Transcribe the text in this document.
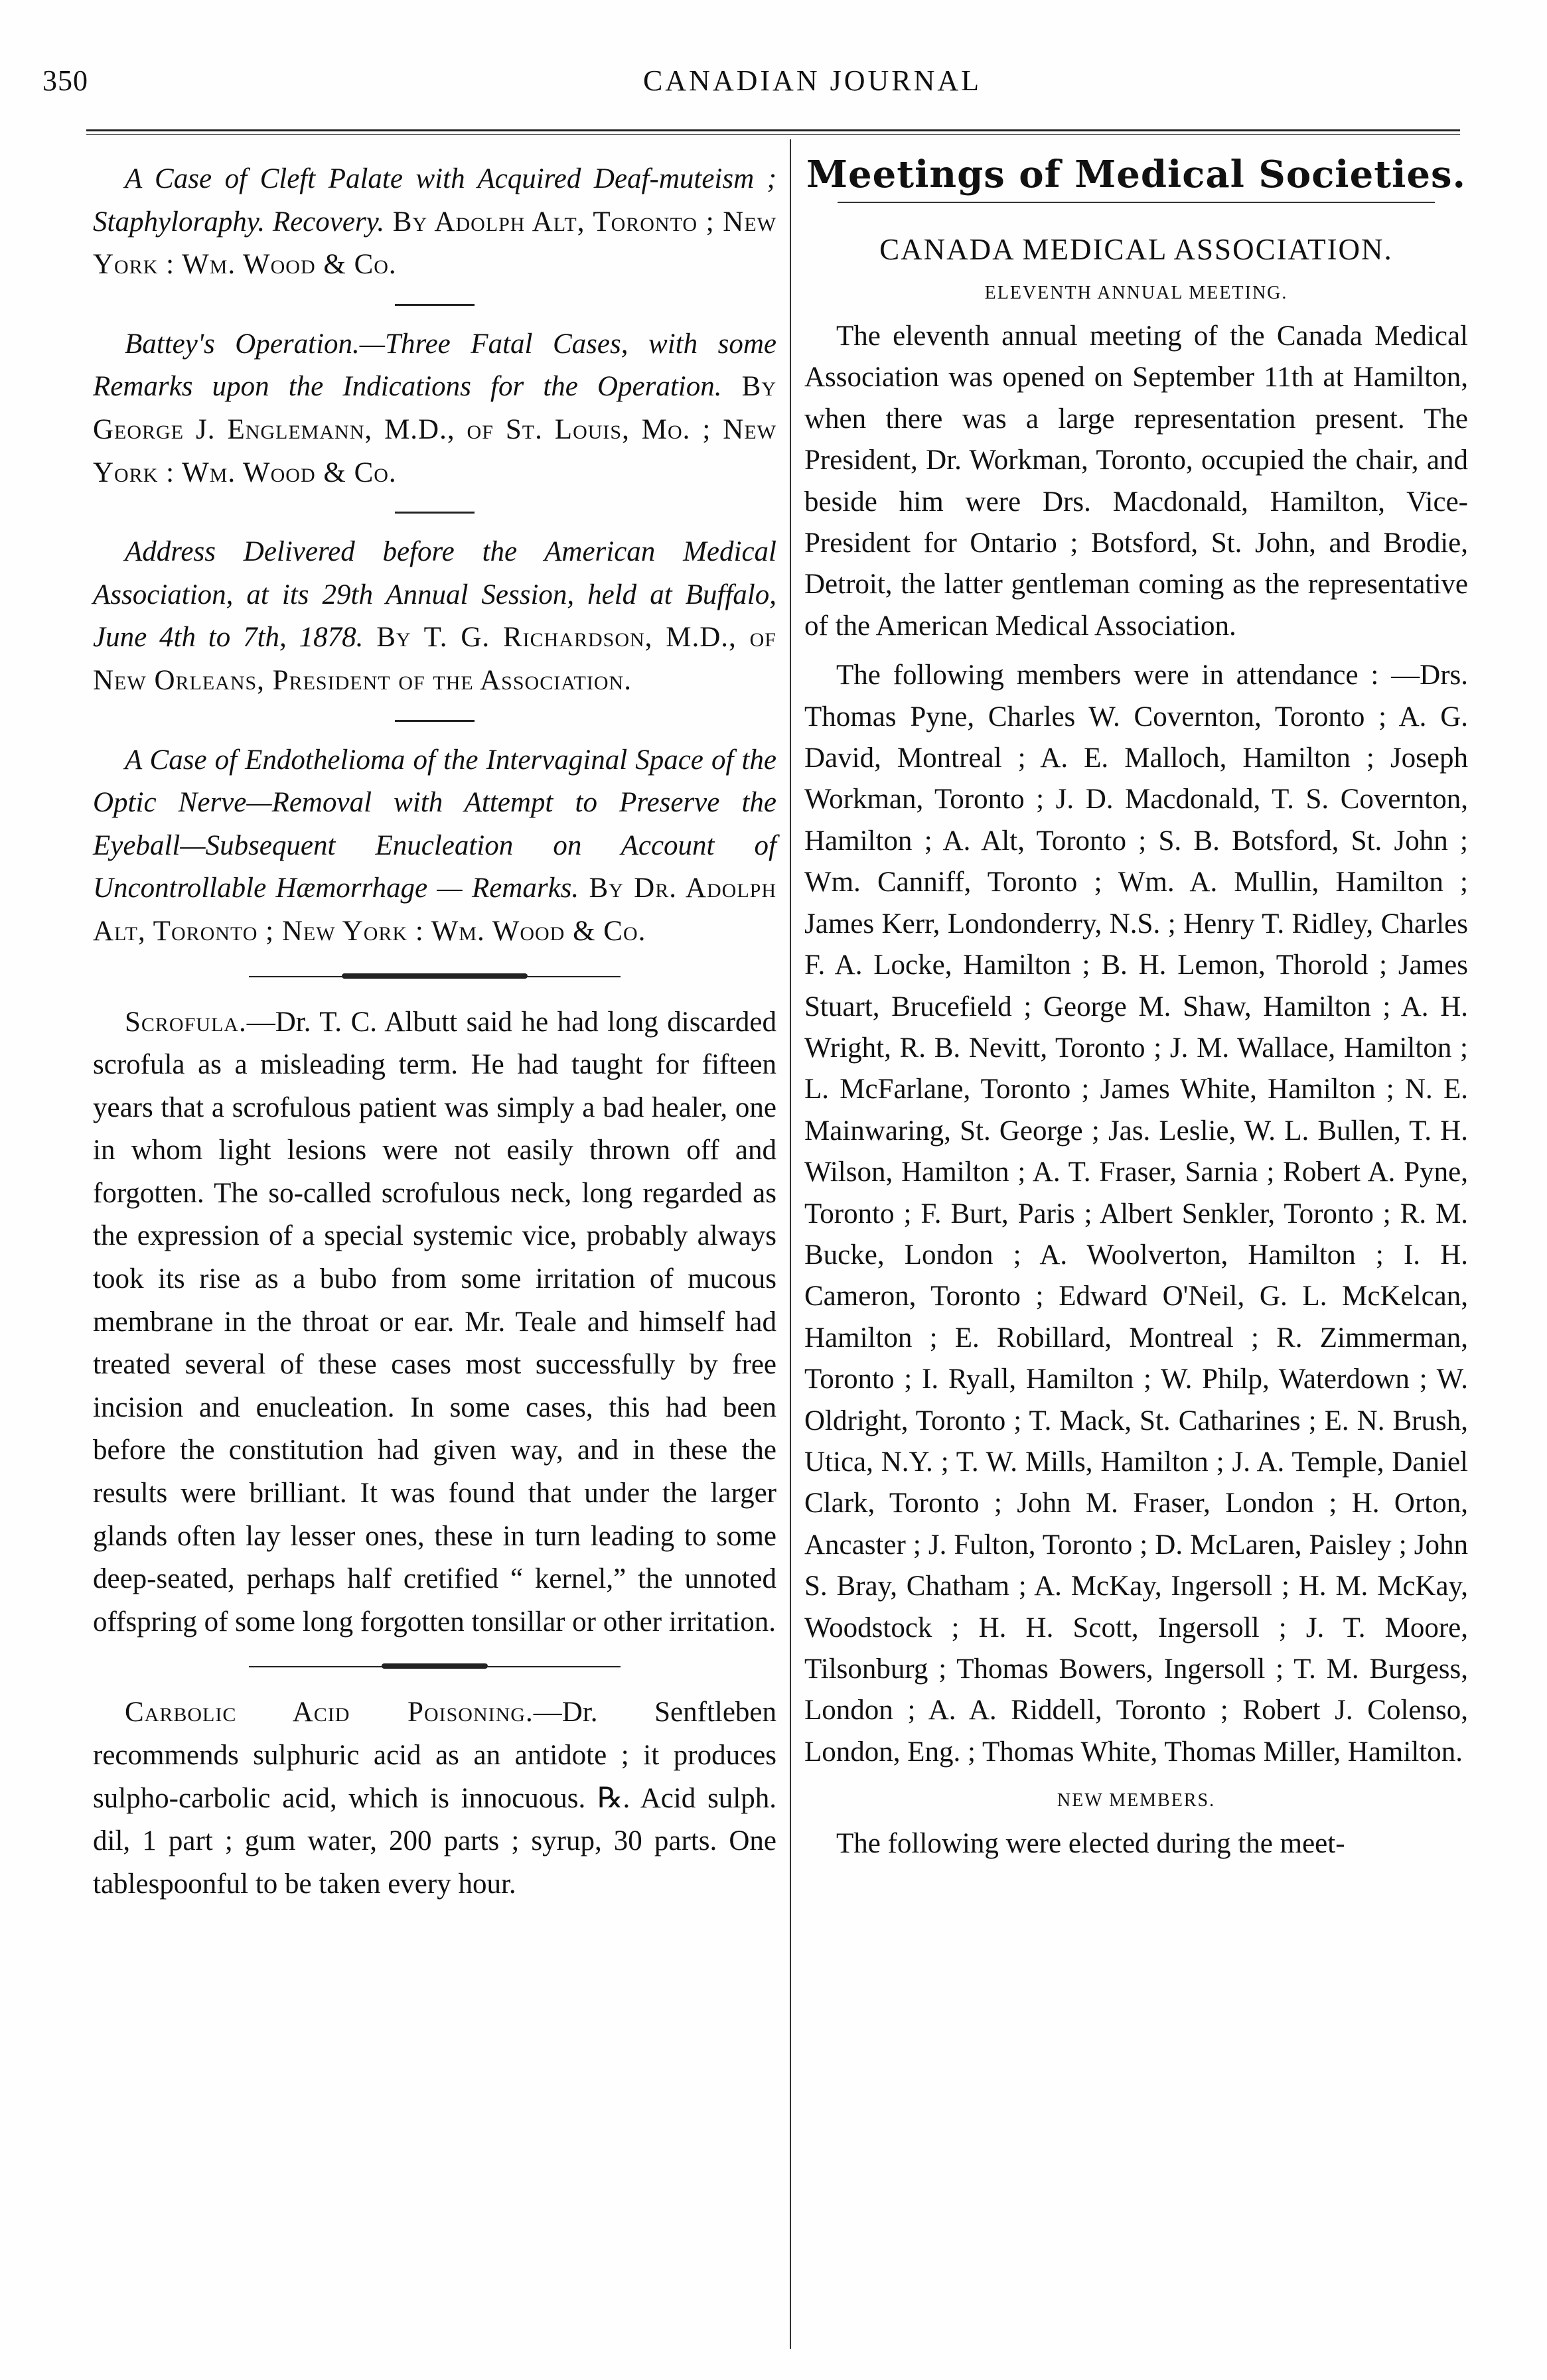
350	CANADIAN JOURNAL

A Case of Cleft Palate with Acquired Deaf-mutei​sm ; Staphyloraphy. Recovery. By Adolph Alt, Toronto ; New York : Wm. Wood & Co.

Battey's Operation.—Three Fatal Cases, with some Remarks upon the Indications for the Operation. By George J. Englemann, M.D., of St. Louis, Mo. ; New York : Wm. Wood & Co.

Address Delivered before the American Medical Association, at its 29th Annual Session, held at Buffalo, June 4th to 7th, 1878. By T. G. Richardson, M.D., of New Orleans, President of the Association.

A Case of Endothelioma of the Intervaginal Space of the Optic Nerve—Removal with Attempt to Preserve the Eyeball—Subsequent Enucleation on Account of Uncontrollable Hæmorrhage — Remarks. By Dr. Adolph Alt, Toronto ; New York : Wm. Wood & Co.

Scrofula.—Dr. T. C. Albutt said he had long discarded scrofula as a misleading term. He had taught for fifteen years that a scrofulous patient was simply a bad healer, one in whom light lesions were not easily thrown off and forgotten. The so-called scrofulous neck, long regarded as the expression of a special systemic vice, probably always took its rise as a bubo from some irritation of mucous membrane in the throat or ear. Mr. Teale and himself had treated several of these cases most successfully by free incision and enucleation. In some cases, this had been before the constitution had given way, and in these the results were brilliant. It was found that under the larger glands often lay lesser ones, these in turn leading to some deep-seated, perhaps half cretified “ kernel,” the unnoted offspring of some long forgotten tonsillar or other irritation.

Carbolic Acid Poisoning.—Dr. Senftleben recommends sulphuric acid as an antidote ; it produces sulpho-carbolic acid, which is innocuous. ℞. Acid sulph. dil, 1 part ; gum water, 200 parts ; syrup, 30 parts. One tablespoonful to be taken every hour.

Meetings of Medical Societies.
CANADA MEDICAL ASSOCIATION.
ELEVENTH ANNUAL MEETING.

The eleventh annual meeting of the Canada Medical Association was opened on September 11th at Hamilton, when there was a large representation present. The President, Dr. Workman, Toronto, occupied the chair, and beside him were Drs. Macdonald, Hamilton, Vice-President for Ontario ; Botsford, St. John, and Brodie, Detroit, the latter gentleman coming as the representative of the American Medical Association.

The following members were in attendance : —Drs. Thomas Pyne, Charles W. Covernton, Toronto ; A. G. David, Montreal ; A. E. Malloch, Hamilton ; Joseph Workman, Toronto ; J. D. Macdonald, T. S. Covernton, Hamilton ; A. Alt, Toronto ; S. B. Botsford, St. John ; Wm. Canniff, Toronto ; Wm. A. Mullin, Hamilton ; James Kerr, Londonderry, N.S. ; Henry T. Ridley, Charles F. A. Locke, Hamilton ; B. H. Lemon, Thorold ; James Stuart, Brucefield ; George M. Shaw, Hamilton ; A. H. Wright, R. B. Nevitt, Toronto ; J. M. Wallace, Hamilton ; L. McFarlane, Toronto ; James White, Hamilton ; N. E. Mainwaring, St. George ; Jas. Leslie, W. L. Bullen, T. H. Wilson, Hamilton ; A. T. Fraser, Sarnia ; Robert A. Pyne, Toronto ; F. Burt, Paris ; Albert Senkler, Toronto ; R. M. Bucke, London ; A. Woolverton, Hamilton ; I. H. Cameron, Toronto ; Edward O'Neil, G. L. McKelcan, Hamilton ; E. Robillard, Montreal ; R. Zimmerman, Toronto ; I. Ryall, Hamilton ; W. Philp, Waterdown ; W. Oldright, Toronto ; T. Mack, St. Catharines ; E. N. Brush, Utica, N.Y. ; T. W. Mills, Hamilton ; J. A. Temple, Daniel Clark, Toronto ; John M. Fraser, London ; H. Orton, Ancaster ; J. Fulton, Toronto ; D. McLaren, Paisley ; John S. Bray, Chatham ; A. McKay, Ingersoll ; H. M. McKay, Woodstock ; H. H. Scott, Ingersoll ; J. T. Moore, Tilsonburg ; Thomas Bowers, Ingersoll ; T. M. Burgess, London ; A. A. Riddell, Toronto ; Robert J. Colenso, London, Eng. ; Thomas White, Thomas Miller, Hamilton.

NEW MEMBERS.

The following were elected during the meet-
